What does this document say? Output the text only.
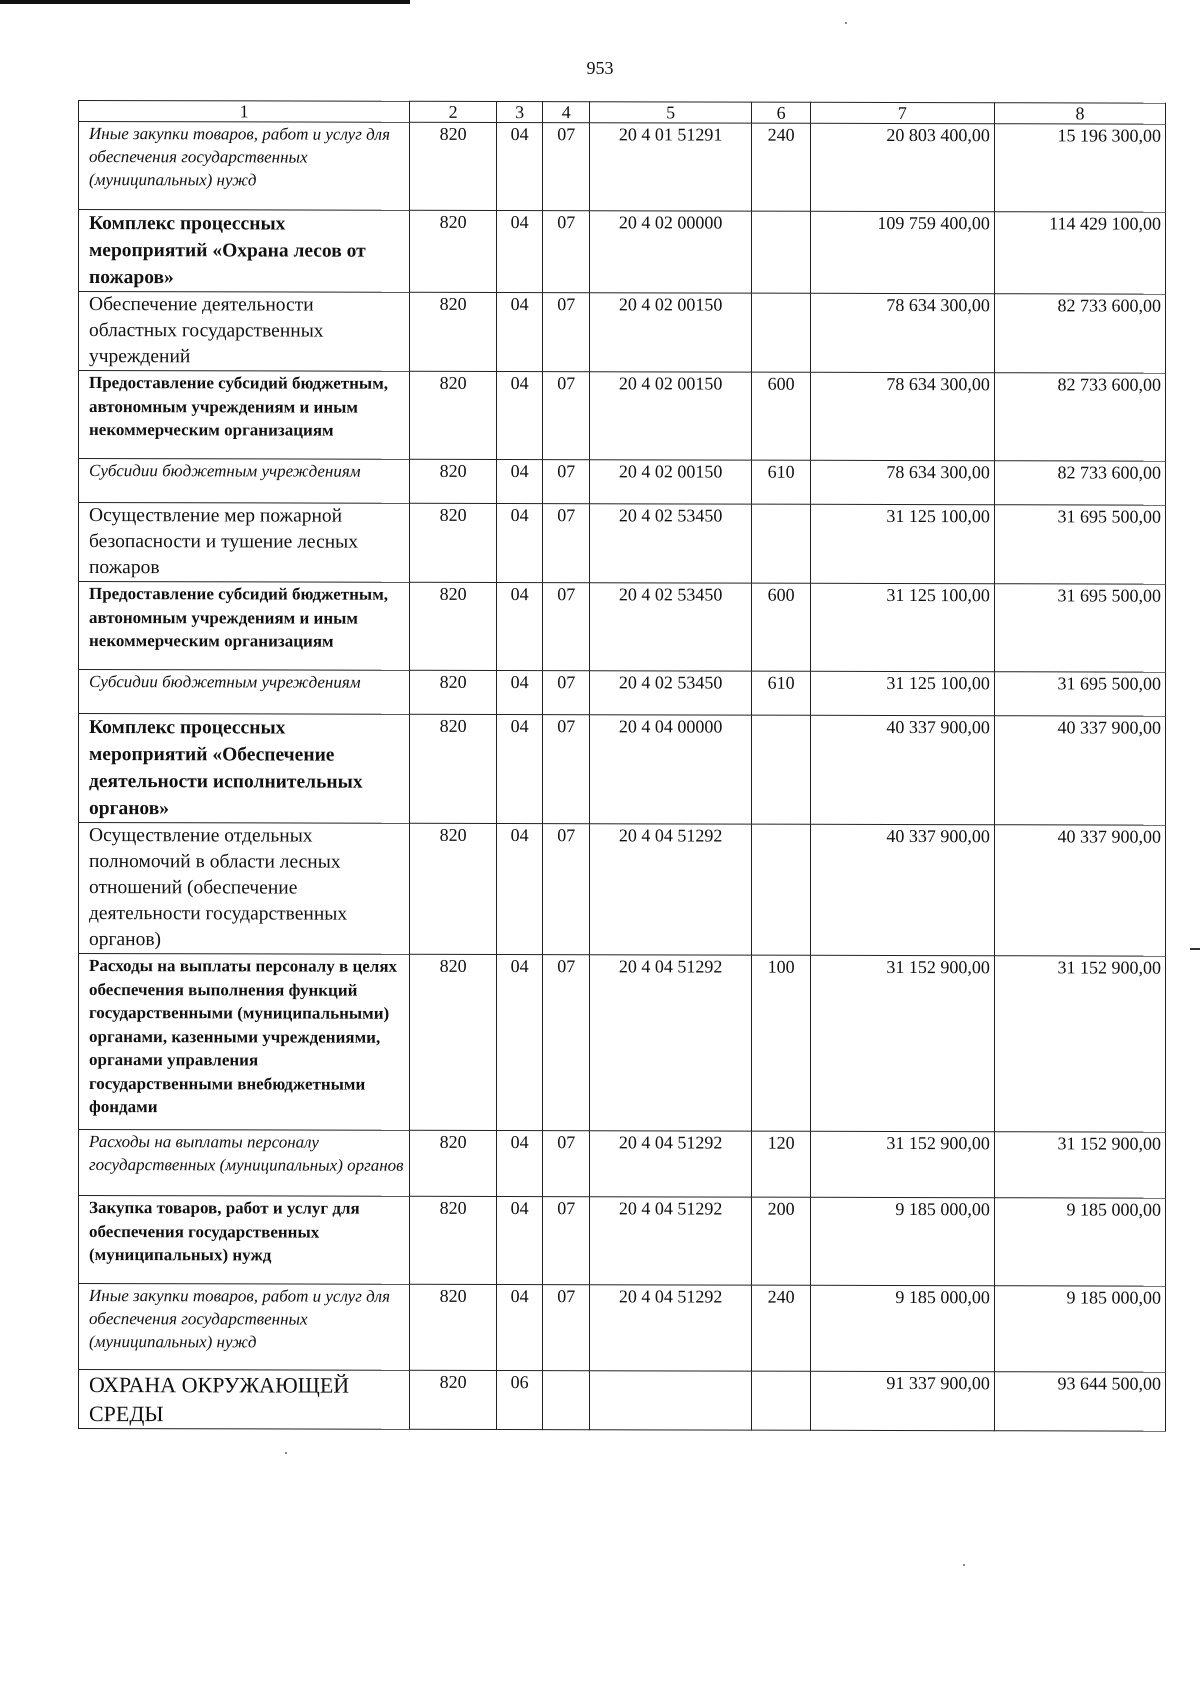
953
1	2	3	4	5	6	7	8
Иные закупки товаров, работ и услуг для обеспечения государственных (муниципальных) нужд	820	04	07	20 4 01 51291	240	20 803 400,00	15 196 300,00
Комплекс процессных мероприятий «Охрана лесов от пожаров»	820	04	07	20 4 02 00000		109 759 400,00	114 429 100,00
Обеспечение деятельности областных государственных учреждений	820	04	07	20 4 02 00150		78 634 300,00	82 733 600,00
Предоставление субсидий бюджетным, автономным учреждениям и иным некоммерческим организациям	820	04	07	20 4 02 00150	600	78 634 300,00	82 733 600,00
Субсидии бюджетным учреждениям	820	04	07	20 4 02 00150	610	78 634 300,00	82 733 600,00
Осуществление мер пожарной безопасности и тушение лесных пожаров	820	04	07	20 4 02 53450		31 125 100,00	31 695 500,00
Предоставление субсидий бюджетным, автономным учреждениям и иным некоммерческим организациям	820	04	07	20 4 02 53450	600	31 125 100,00	31 695 500,00
Субсидии бюджетным учреждениям	820	04	07	20 4 02 53450	610	31 125 100,00	31 695 500,00
Комплекс процессных мероприятий «Обеспечение деятельности исполнительных органов»	820	04	07	20 4 04 00000		40 337 900,00	40 337 900,00
Осуществление отдельных полномочий в области лесных отношений (обеспечение деятельности государственных органов)	820	04	07	20 4 04 51292		40 337 900,00	40 337 900,00
Расходы на выплаты персоналу в целях обеспечения выполнения функций государственными (муниципальными) органами, казенными учреждениями, органами управления государственными внебюджетными фондами	820	04	07	20 4 04 51292	100	31 152 900,00	31 152 900,00
Расходы на выплаты персоналу государственных (муниципальных) органов	820	04	07	20 4 04 51292	120	31 152 900,00	31 152 900,00
Закупка товаров, работ и услуг для обеспечения государственных (муниципальных) нужд	820	04	07	20 4 04 51292	200	9 185 000,00	9 185 000,00
Иные закупки товаров, работ и услуг для обеспечения государственных (муниципальных) нужд	820	04	07	20 4 04 51292	240	9 185 000,00	9 185 000,00
ОХРАНА ОКРУЖАЮЩЕЙ СРЕДЫ	820	06				91 337 900,00	93 644 500,00
